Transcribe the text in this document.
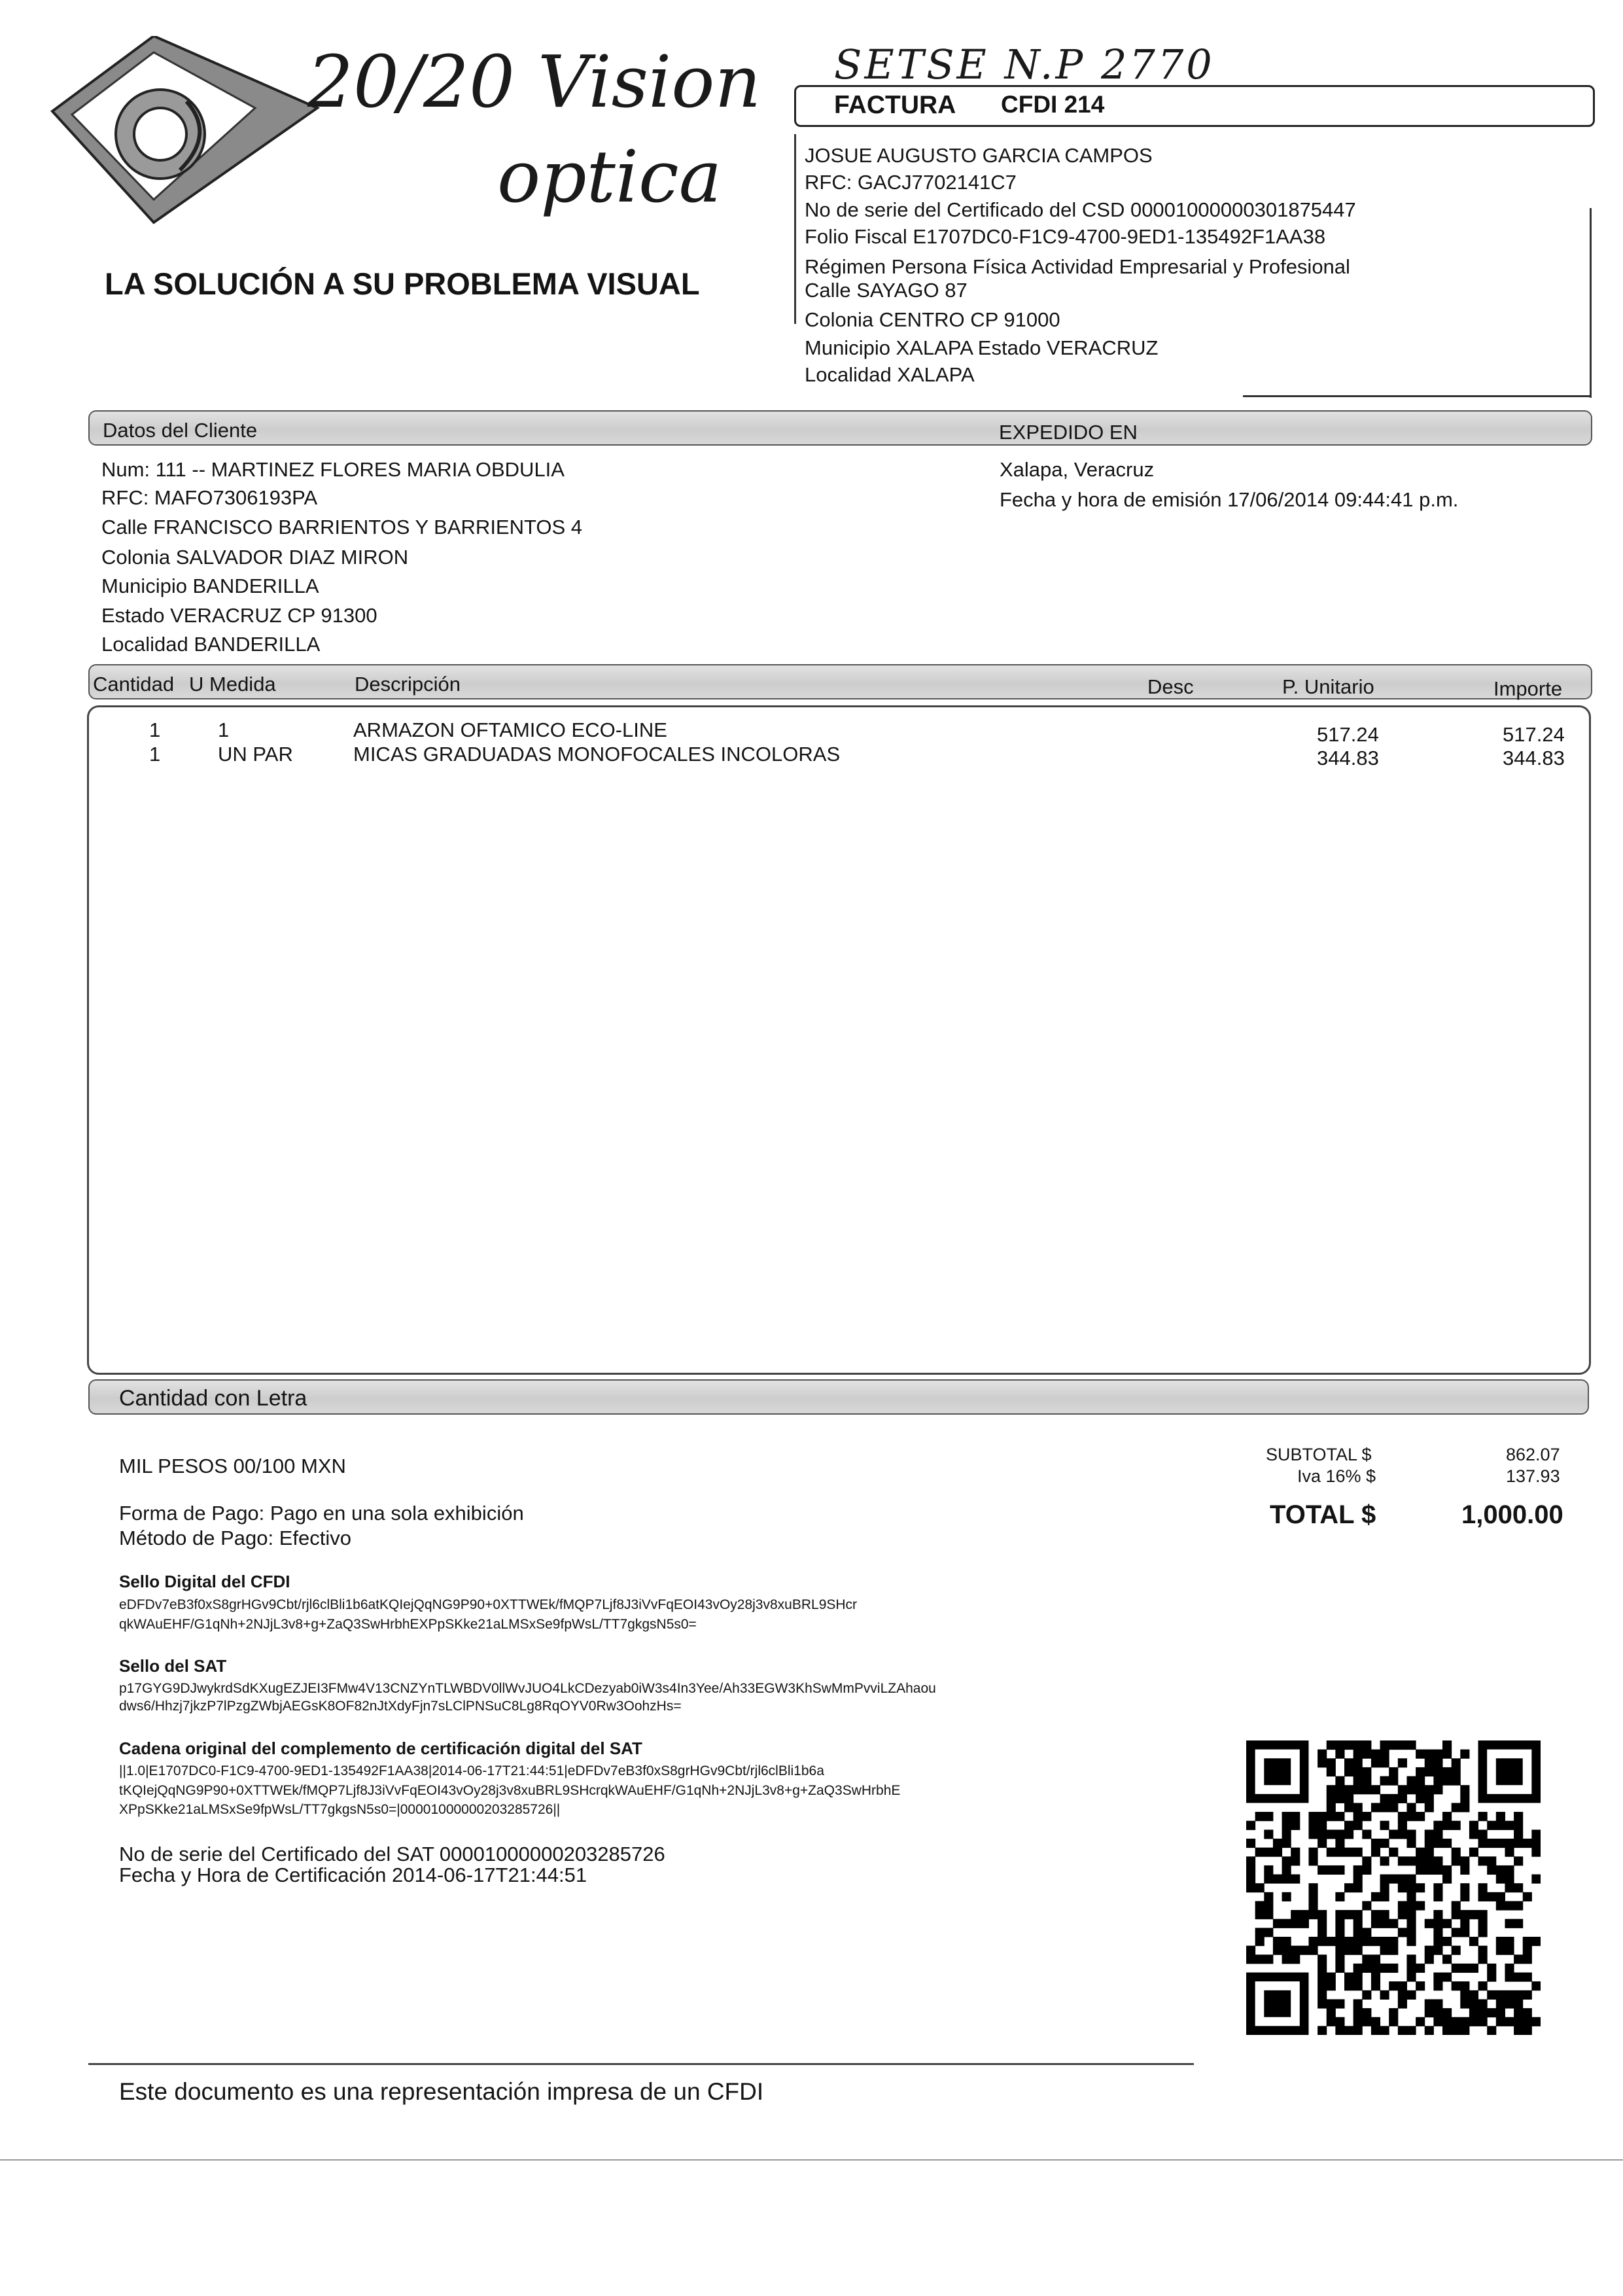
20/20 Vision
optica
LA SOLUCIÓN A SU PROBLEMA VISUAL
SETSE N.P 2770
FACTURA CFDI 214
JOSUE AUGUSTO GARCIA CAMPOS
RFC: GACJ7702141C7
No de serie del Certificado del CSD 00001000000301875447
Folio Fiscal E1707DC0-F1C9-4700-9ED1-135492F1AA38
Régimen Persona Física Actividad Empresarial y Profesional
Calle SAYAGO 87
Colonia CENTRO CP 91000
Municipio XALAPA Estado VERACRUZ
Localidad XALAPA
Datos del Cliente	EXPEDIDO EN
Num: 111 -- MARTINEZ FLORES MARIA OBDULIA
RFC: MAFO7306193PA
Calle FRANCISCO BARRIENTOS Y BARRIENTOS 4
Colonia SALVADOR DIAZ MIRON
Municipio BANDERILLA
Estado VERACRUZ CP 91300
Localidad BANDERILLA
Xalapa, Veracruz
Fecha y hora de emisión 17/06/2014 09:44:41 p.m.
Cantidad U Medida	Descripción	Desc	P. Unitario	Importe
1	1	ARMAZON OFTAMICO ECO-LINE	517.24	517.24
1	UN PAR	MICAS GRADUADAS MONOFOCALES INCOLORAS	344.83	344.83
Cantidad con Letra
MIL PESOS 00/100 MXN	SUBTOTAL $	862.07
Iva 16% $	137.93
TOTAL $	1,000.00
Forma de Pago: Pago en una sola exhibición
Método de Pago: Efectivo
Sello Digital del CFDI
eDFDv7eB3f0xS8grHGv9Cbt/rjl6clBli1b6atKQIejQqNG9P90+0XTTWEk/fMQP7Ljf8J3iVvFqEOI43vOy28j3v8xuBRL9SHcr
qkWAuEHF/G1qNh+2NJjL3v8+g+ZaQ3SwHrbhEXPpSKke21aLMSxSe9fpWsL/TT7gkgsN5s0=
Sello del SAT
p17GYG9DJwykrdSdKXugEZJEI3FMw4V13CNZYnTLWBDV0llWvJUO4LkCDezyab0iW3s4In3Yee/Ah33EGW3KhSwMmPvviLZAhaou
dws6/Hhzj7jkzP7lPzgZWbjAEGsK8OF82nJtXdyFjn7sLClPNSuC8Lg8RqOYV0Rw3OohzHs=
Cadena original del complemento de certificación digital del SAT
||1.0|E1707DC0-F1C9-4700-9ED1-135492F1AA38|2014-06-17T21:44:51|eDFDv7eB3f0xS8grHGv9Cbt/rjl6clBli1b6a
tKQIejQqNG9P90+0XTTWEk/fMQP7Ljf8J3iVvFqEOI43vOy28j3v8xuBRL9SHcrqkWAuEHF/G1qNh+2NJjL3v8+g+ZaQ3SwHrbhE
XPpSKke21aLMSxSe9fpWsL/TT7gkgsN5s0=|00001000000203285726||
No de serie del Certificado del SAT 00001000000203285726
Fecha y Hora de Certificación 2014-06-17T21:44:51
Este documento es una representación impresa de un CFDI
